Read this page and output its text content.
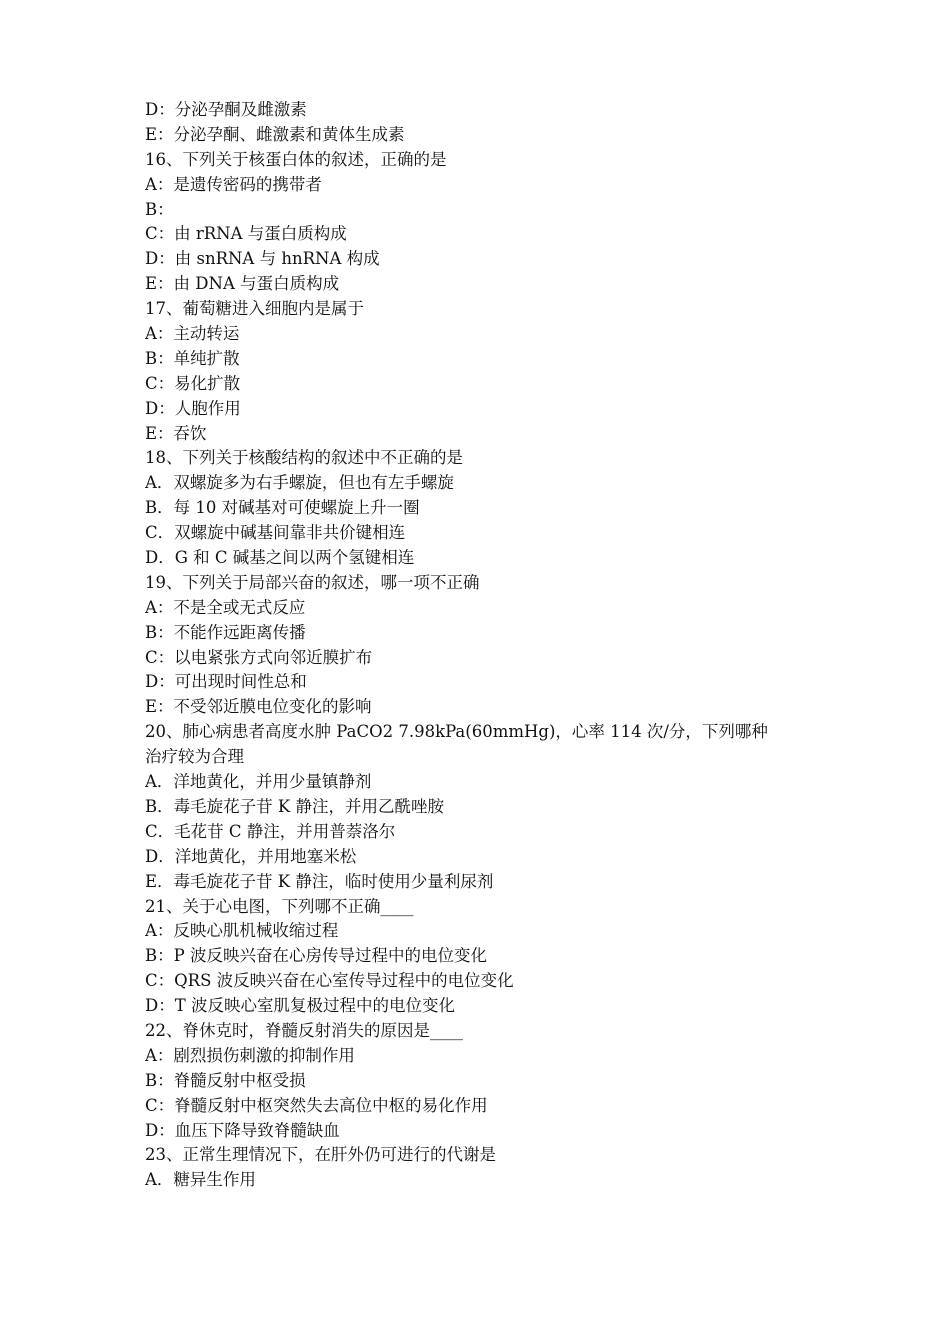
D：分泌孕酮及雌激素
E：分泌孕酮、雌激素和黄体生成素
16、下列关于核蛋白体的叙述，正确的是
A：是遗传密码的携带者
B：
C：由 rRNA 与蛋白质构成
D：由 snRNA 与 hnRNA 构成
E：由 DNA 与蛋白质构成
17、葡萄糖进入细胞内是属于
A：主动转运
B：单纯扩散
C：易化扩散
D：人胞作用
E：吞饮
18、下列关于核酸结构的叙述中不正确的是
A．双螺旋多为右手螺旋，但也有左手螺旋
B．每 10 对碱基对可使螺旋上升一圈
C．双螺旋中碱基间靠非共价键相连
D．G 和 C 碱基之间以两个氢键相连
19、下列关于局部兴奋的叙述，哪一项不正确
A：不是全或无式反应
B：不能作远距离传播
C：以电紧张方式向邻近膜扩布
D：可出现时间性总和
E：不受邻近膜电位变化的影响
20、肺心病患者高度水肿 PaCO2 7.98kPa(60mmHg)，心率 114 次/分，下列哪种
治疗较为合理
A．洋地黄化，并用少量镇静剂
B．毒毛旋花子苷 K 静注，并用乙酰唑胺
C．毛花苷 C 静注，并用普萘洛尔
D．洋地黄化，并用地塞米松
E．毒毛旋花子苷 K 静注，临时使用少量利尿剂
21、关于心电图，下列哪不正确____
A：反映心肌机械收缩过程
B：P 波反映兴奋在心房传导过程中的电位变化
C：QRS 波反映兴奋在心室传导过程中的电位变化
D：T 波反映心室肌复极过程中的电位变化
22、脊休克时，脊髓反射消失的原因是____
A：剧烈损伤刺激的抑制作用
B：脊髓反射中枢受损
C：脊髓反射中枢突然失去高位中枢的易化作用
D：血压下降导致脊髓缺血
23、正常生理情况下，在肝外仍可进行的代谢是
A．糖异生作用
